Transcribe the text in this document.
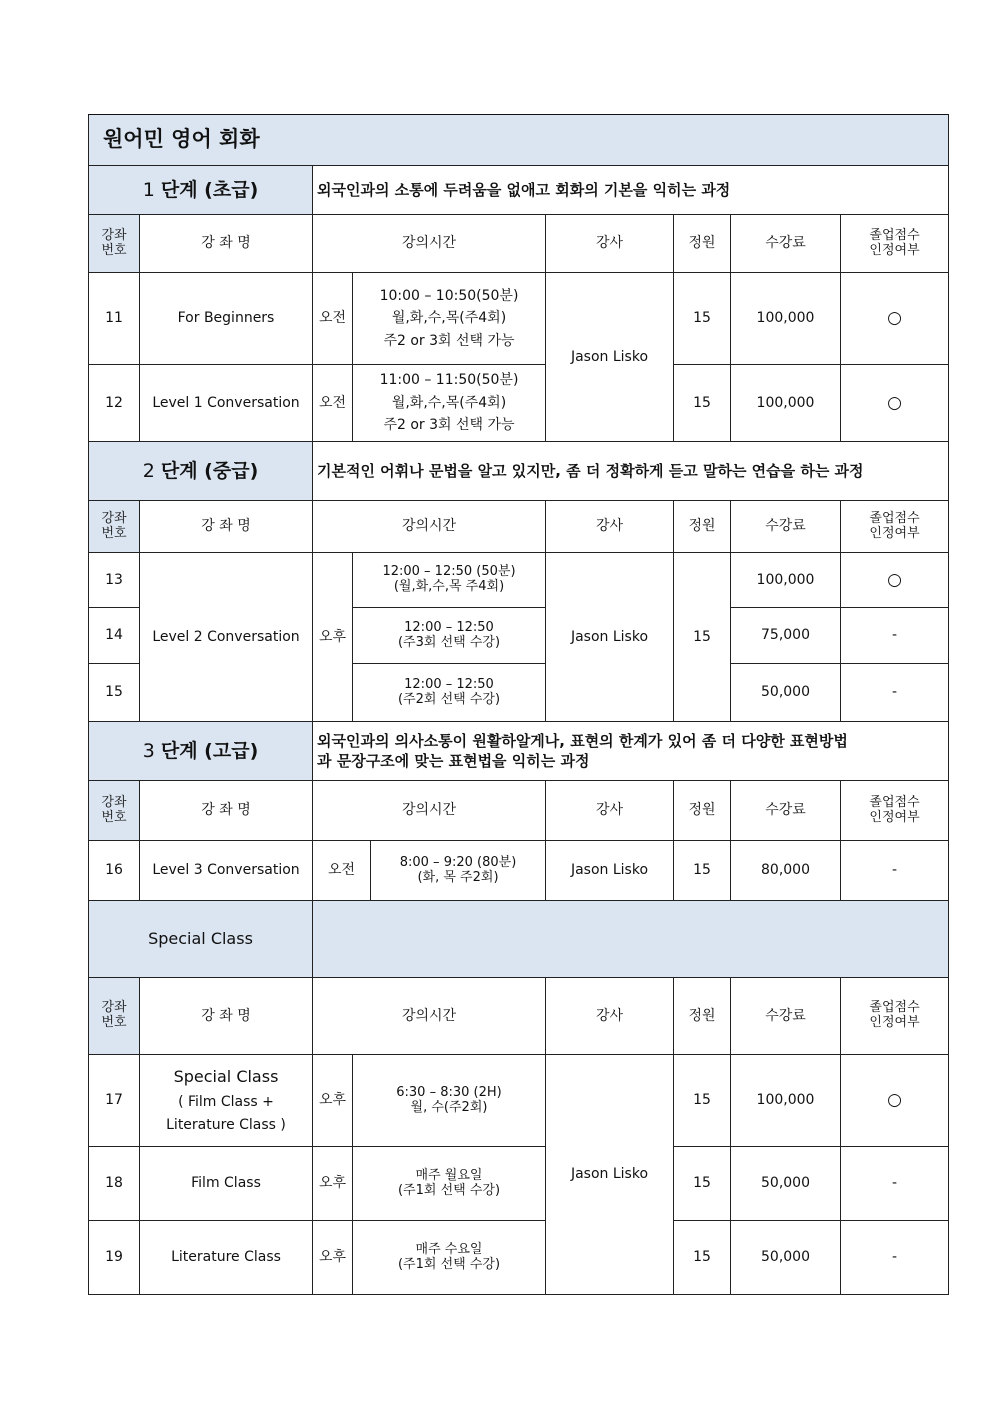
원어민 영어 회화								
1 단계 (초급)		외국인과의 소통에 두려움을 없애고 회화의 기본을 익히는 과정						
강좌
번호	강 좌 명	강의시간			강사	정원	수강료	졸업점수
인정여부
11	For Beginners	오전	10:00 – 10:50(50분)
월,화,수,목(주4회)
주2 or 3회 선택 가능		Jason Lisko	15	100,000	○
12	Level 1 Conversation	오전	11:00 – 11:50(50분)
월,화,수,목(주4회)
주2 or 3회 선택 가능			15	100,000	○
2 단계 (중급)		기본적인 어휘나 문법을 알고 있지만, 좀 더 정확하게 듣고 말하는 연습을 하는 과정						
강좌
번호	강 좌 명	강의시간			강사	정원	수강료	졸업점수
인정여부
13	Level 2 Conversation	오후	12:00 – 12:50 (50분)
(월,화,수,목 주4회)		Jason Lisko	15	100,000	○
14			12:00 – 12:50
(주3회 선택 수강)				75,000	-
15			12:00 – 12:50
(주2회 선택 수강)				50,000	-
3 단계 (고급)		외국인과의 의사소통이 원활하알게나, 표현의 한계가 있어 좀 더 다양한 표현방법
과 문장구조에 맞는 표현법을 익히는 과정						
강좌
번호	강 좌 명	강의시간			강사	정원	수강료	졸업점수
인정여부
16	Level 3 Conversation	오전		8:00 – 9:20 (80분)
(화, 목 주2회)	Jason Lisko	15	80,000	-
Special Class								
강좌
번호	강 좌 명	강의시간			강사	정원	수강료	졸업점수
인정여부
17	Special Class
( Film Class +
Literature Class )	오후	6:30 – 8:30 (2H)
월, 수(주2회)		Jason Lisko	15	100,000	○
18	Film Class	오후	매주 월요일
(주1회 선택 수강)			15	50,000	-
19	Literature Class	오후	매주 수요일
(주1회 선택 수강)			15	50,000	-
